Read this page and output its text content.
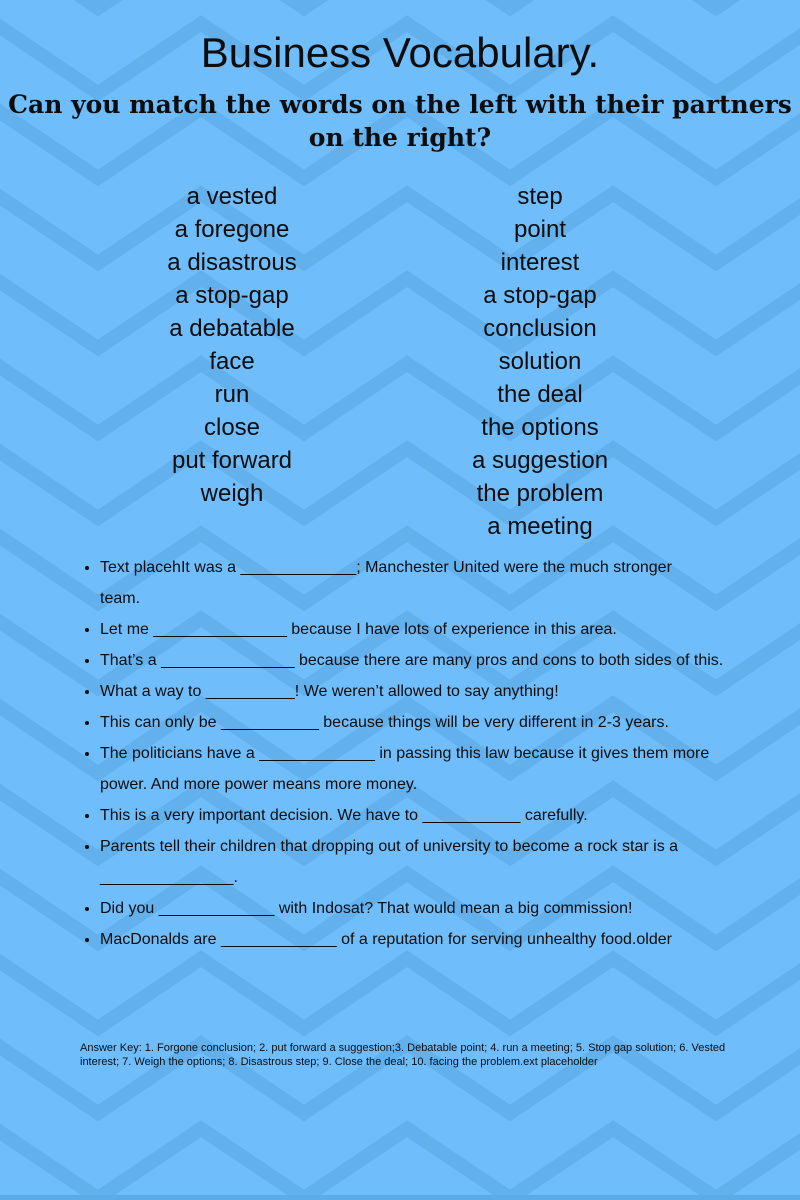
Business Vocabulary.
Can you match the words on the left with their partners
on the right?
a vested
a foregone
a disastrous
a stop-gap
a debatable
face
run
close
put forward
weigh
step
point
interest
a stop-gap
conclusion
solution
the deal
the options
a suggestion
the problem
a meeting
• Text placehIt was a _____________; Manchester United were the much stronger
team.
• Let me _______________ because I have lots of experience in this area.
• That’s a _______________ because there are many pros and cons to both sides of this.
• What a way to __________! We weren’t allowed to say anything!
• This can only be ___________ because things will be very different in 2-3 years.
• The politicians have a _____________ in passing this law because it gives them more
power. And more power means more money.
• This is a very important decision. We have to ___________ carefully.
• Parents tell their children that dropping out of university to become a rock star is a
_______________.
• Did you _____________ with Indosat? That would mean a big commission!
• MacDonalds are _____________ of a reputation for serving unhealthy food.older
Answer Key: 1. Forgone conclusion; 2. put forward a suggestion;3. Debatable point; 4. run a meeting; 5. Stop gap solution; 6. Vested
interest; 7. Weigh the options; 8. Disastrous step; 9. Close the deal; 10. facing the problem.ext placeholder
